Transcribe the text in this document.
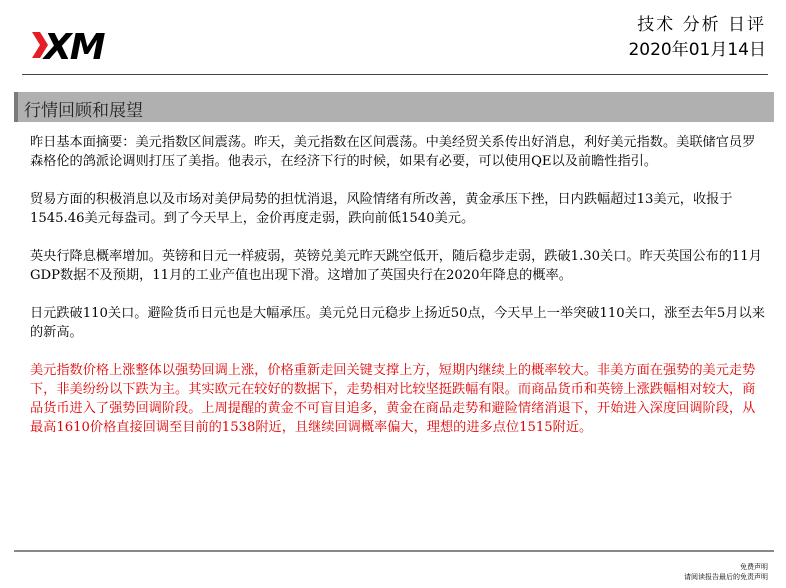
XM
技术 分析 日评
2020年01月14日
行情回顾和展望

昨日基本面摘要：美元指数区间震荡。昨天，美元指数在区间震荡。中美经贸关系传出好消息，利好美元指数。美联储官员罗森格伦的鸽派论调则打压了美指。他表示，在经济下行的时候，如果有必要，可以使用QE以及前瞻性指引。

贸易方面的积极消息以及市场对美伊局势的担忧消退，风险情绪有所改善，黄金承压下挫，日内跌幅超过13美元，收报于1545.46美元每盎司。到了今天早上，金价再度走弱，跌向前低1540美元。

英央行降息概率增加。英镑和日元一样疲弱，英镑兑美元昨天跳空低开，随后稳步走弱，跌破1.30关口。昨天英国公布的11月GDP数据不及预期，11月的工业产值也出现下滑。这增加了英国央行在2020年降息的概率。

日元跌破110关口。避险货币日元也是大幅承压。美元兑日元稳步上扬近50点，今天早上一举突破110关口，涨至去年5月以来的新高。

美元指数价格上涨整体以强势回调上涨，价格重新走回关键支撑上方，短期内继续上的概率较大。非美方面在强势的美元走势下，非美纷纷以下跌为主。其实欧元在较好的数据下，走势相对比较坚挺跌幅有限。而商品货币和英镑上涨跌幅相对较大，商品货币进入了强势回调阶段。上周提醒的黄金不可盲目追多，黄金在商品走势和避险情绪消退下，开始进入深度回调阶段，从最高1610价格直接回调至目前的1538附近，且继续回调概率偏大，理想的进多点位1515附近。

免费声明
请阅读报告最后的免责声明
